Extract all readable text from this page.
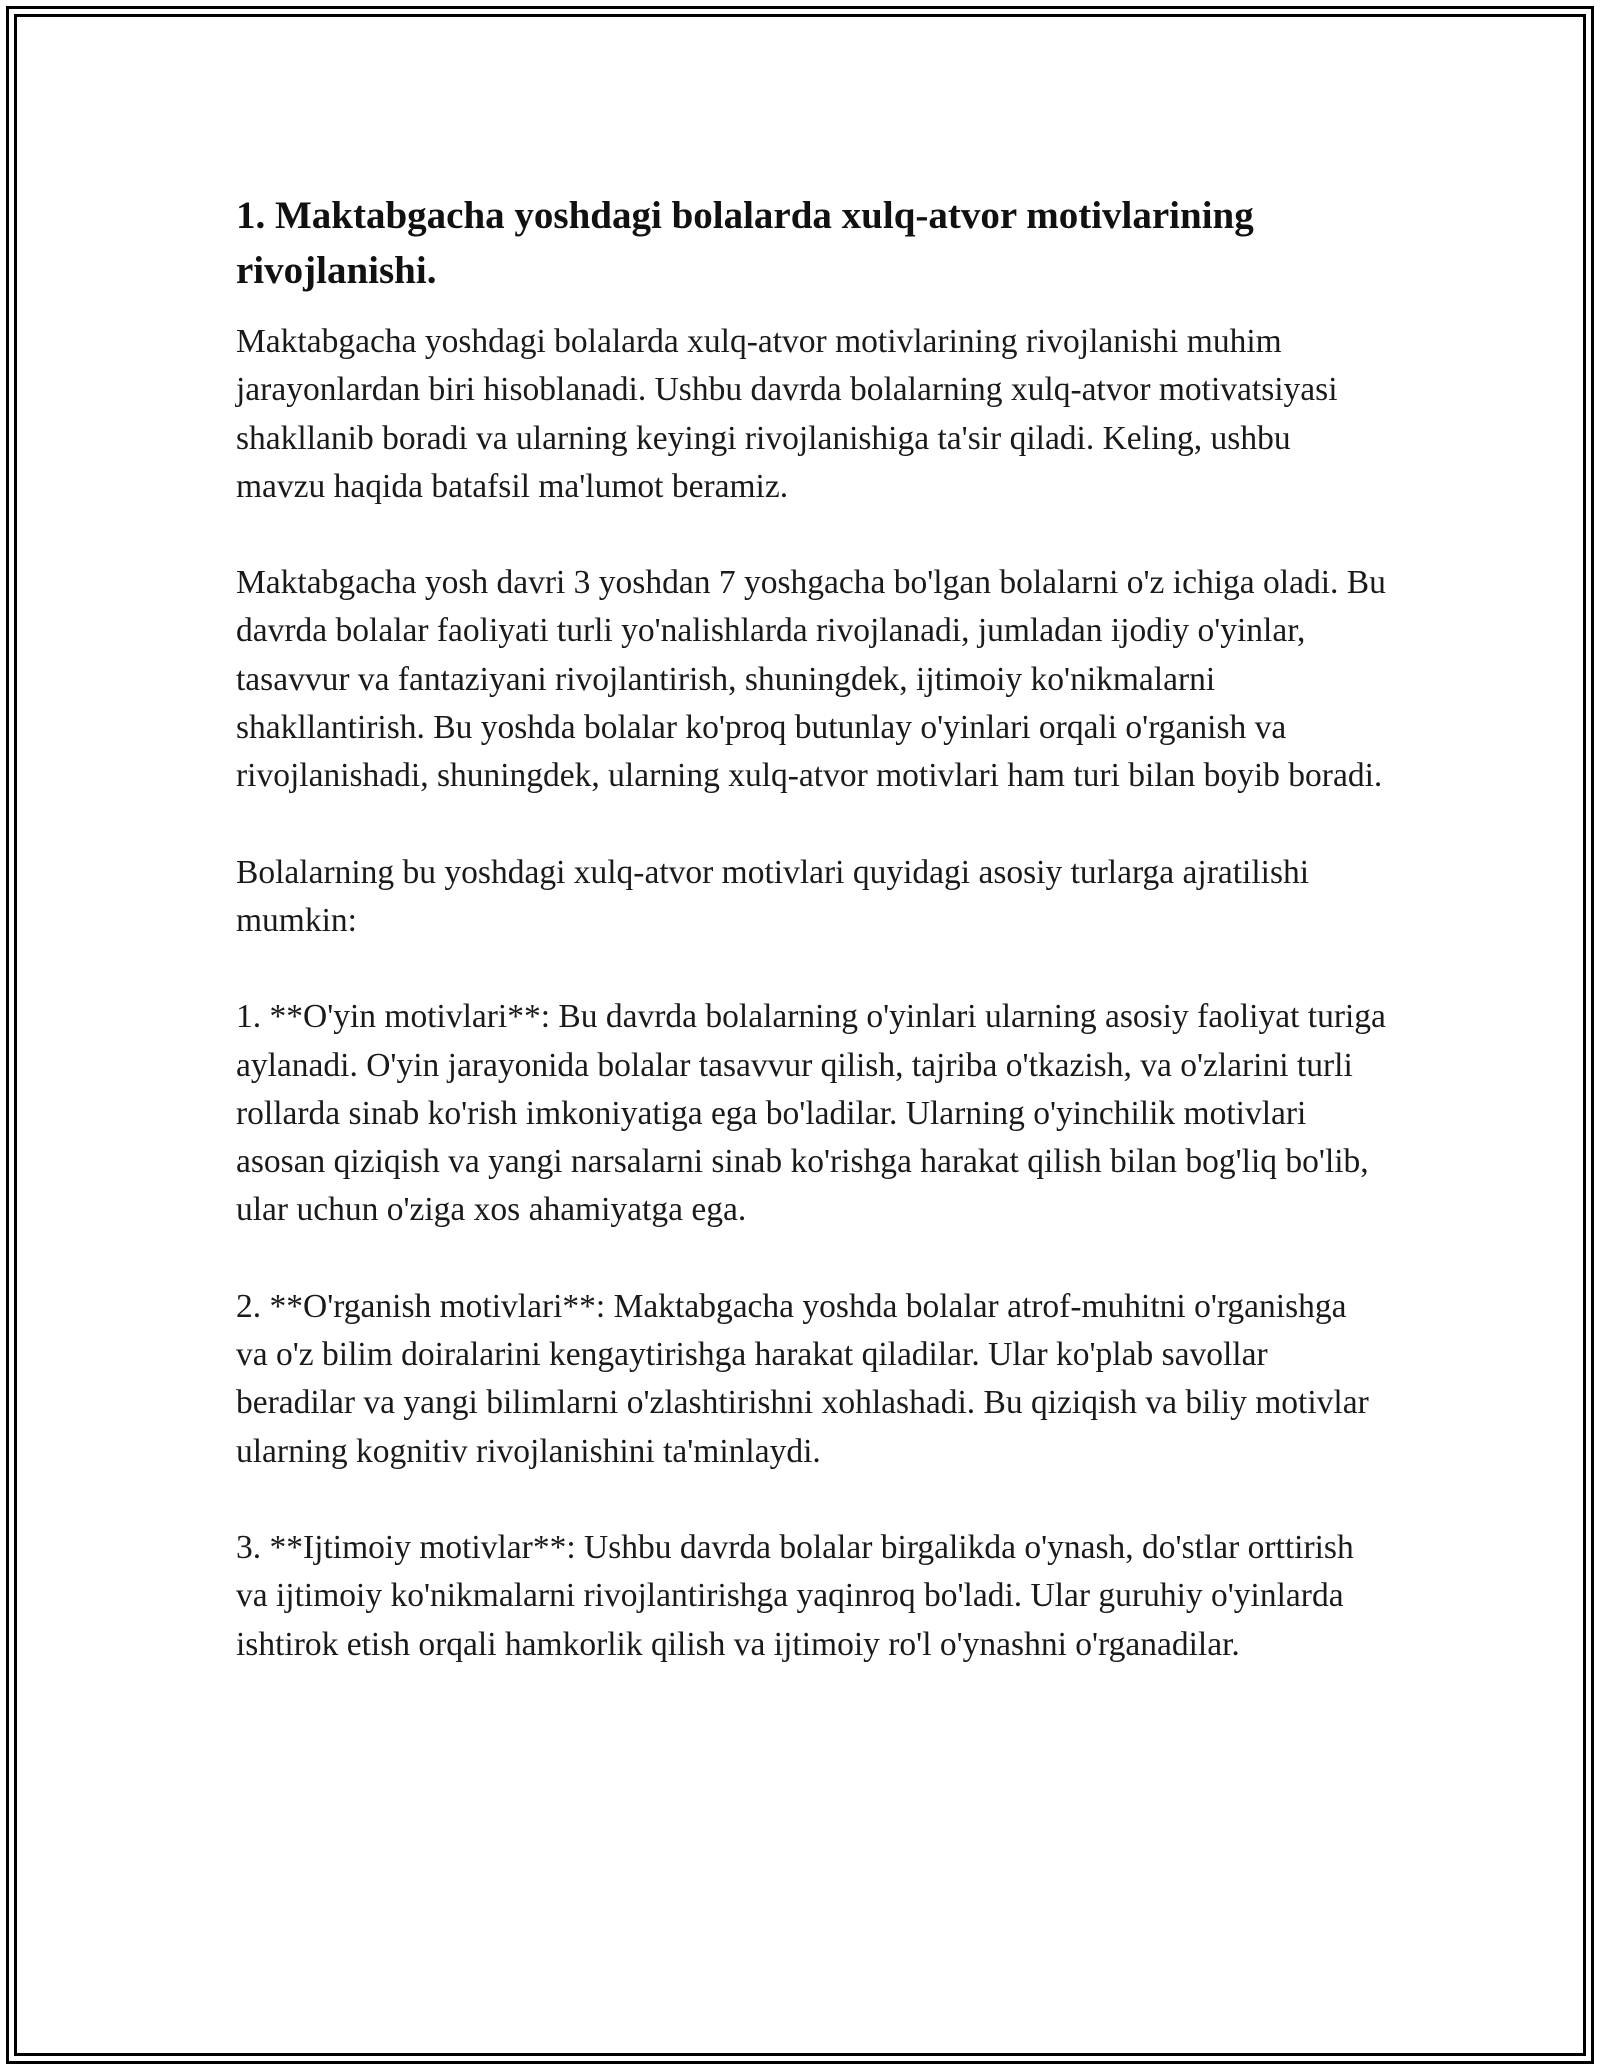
1. Maktabgacha yoshdagi bolalarda xulq-atvor motivlarining rivojlanishi.

Maktabgacha yoshdagi bolalarda xulq-atvor motivlarining rivojlanishi muhim jarayonlardan biri hisoblanadi. Ushbu davrda bolalarning xulq-atvor motivatsiyasi shakllanib boradi va ularning keyingi rivojlanishiga ta'sir qiladi. Keling, ushbu mavzu haqida batafsil ma'lumot beramiz.

Maktabgacha yosh davri 3 yoshdan 7 yoshgacha bo'lgan bolalarni o'z ichiga oladi. Bu davrda bolalar faoliyati turli yo'nalishlarda rivojlanadi, jumladan ijodiy o'yinlar, tasavvur va fantaziyani rivojlantirish, shuningdek, ijtimoiy ko'nikmalarni shakllantirish. Bu yoshda bolalar ko'proq butunlay o'yinlari orqali o'rganish va rivojlanishadi, shuningdek, ularning xulq-atvor motivlari ham turi bilan boyib boradi.

Bolalarning bu yoshdagi xulq-atvor motivlari quyidagi asosiy turlarga ajratilishi mumkin:

1. **O'yin motivlari**: Bu davrda bolalarning o'yinlari ularning asosiy faoliyat turiga aylanadi. O'yin jarayonida bolalar tasavvur qilish, tajriba o'tkazish, va o'zlarini turli rollarda sinab ko'rish imkoniyatiga ega bo'ladilar. Ularning o'yinchilik motivlari asosan qiziqish va yangi narsalarni sinab ko'rishga harakat qilish bilan bog'liq bo'lib, ular uchun o'ziga xos ahamiyatga ega.

2. **O'rganish motivlari**: Maktabgacha yoshda bolalar atrof-muhitni o'rganishga va o'z bilim doiralarini kengaytirishga harakat qiladilar. Ular ko'plab savollar beradilar va yangi bilimlarni o'zlashtirishni xohlashadi. Bu qiziqish va biliy motivlar ularning kognitiv rivojlanishini ta'minlaydi.

3. **Ijtimoiy motivlar**: Ushbu davrda bolalar birgalikda o'ynash, do'stlar orttirish va ijtimoiy ko'nikmalarni rivojlantirishga yaqinroq bo'ladi. Ular guruhiy o'yinlarda ishtirok etish orqali hamkorlik qilish va ijtimoiy ro'l o'ynashni o'rganadilar.
